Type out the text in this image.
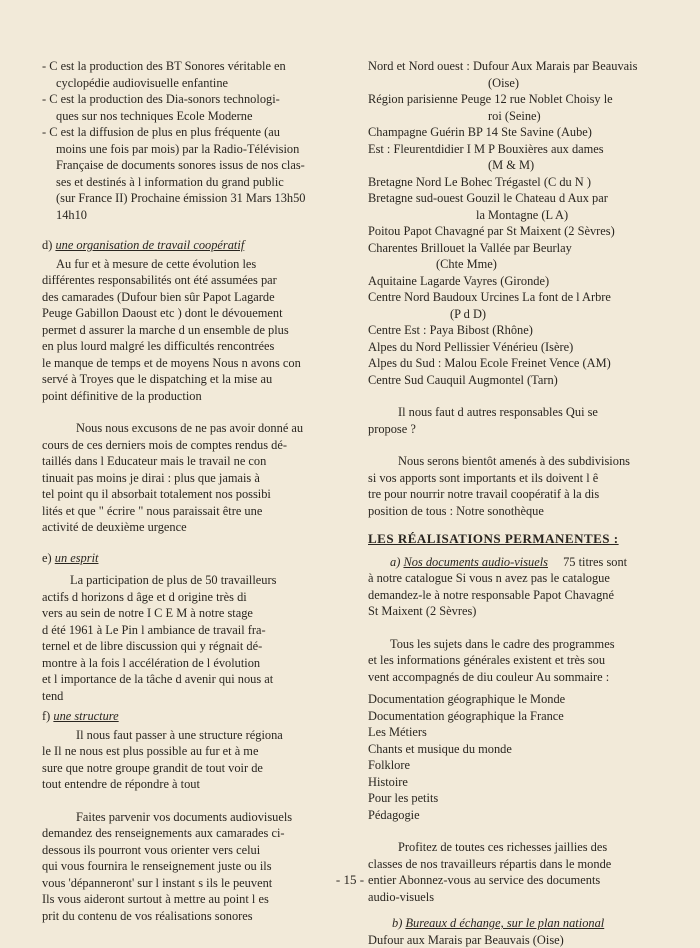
- C est la production des BT Sonores véritable en
cyclopédie audiovisuelle enfantine
- C est la production des Dia-sonors technologi-
ques sur nos techniques Ecole Moderne
- C est la diffusion de plus en plus fréquente (au
moins une fois par mois) par la Radio-Télévision
Française de documents sonores issus de nos clas-
ses et destinés à l information du grand public
(sur France II) Prochaine émission 31 Mars 13h50
14h10
d) une organisation de travail coopératif
Au fur et à mesure de cette évolution les
différentes responsabilités ont été assumées par
des camarades (Dufour bien sûr Papot Lagarde
Peuge Gabillon Daoust etc ) dont le dévouement
permet d assurer la marche d un ensemble de plus
en plus lourd malgré les difficultés rencontrées
le manque de temps et de moyens Nous n avons con
servé à Troyes que le dispatching et la mise au
point définitive de la production
Nous nous excusons de ne pas avoir donné au
cours de ces derniers mois de comptes rendus dé-
taillés dans l Educateur mais le travail ne con
tinuait pas moins je dirai : plus que jamais à
tel point qu il absorbait totalement nos possibi
lités et que " écrire " nous paraissait être une
activité de deuxième urgence
e) un esprit
La participation de plus de 50 travailleurs
actifs d horizons d âge et d origine très di
vers au sein de notre I C E M à notre stage
d été 1961 à Le Pin l ambiance de travail fra-
ternel et de libre discussion qui y régnait dé-
montre à la fois l accélération de l évolution
et l importance de la tâche d avenir qui nous at
tend
f) une structure
Il nous faut passer à une structure régiona
le Il ne nous est plus possible au fur et à me
sure que notre groupe grandit de tout voir de
tout entendre de répondre à tout
Faites parvenir vos documents audiovisuels
demandez des renseignements aux camarades ci-
dessous ils pourront vous orienter vers celui
qui vous fournira le renseignement juste ou ils
vous 'dépanneront' sur l instant s ils le peuvent
Ils vous aideront surtout à mettre au point l es
prit du contenu de vos réalisations sonores
Nord et Nord ouest : Dufour Aux Marais par Beauvais
(Oise)
Région parisienne Peuge 12 rue Noblet Choisy le
roi (Seine)
Champagne Guérin BP 14 Ste Savine (Aube)
Est : Fleurentdidier I M P Bouxières aux dames
(M & M)
Bretagne Nord Le Bohec Trégastel (C du N )
Bretagne sud-ouest Gouzil le Chateau d Aux par
la Montagne (L A)
Poitou Papot Chavagné par St Maixent (2 Sèvres)
Charentes Brillouet la Vallée par Beurlay
(Chte Mme)
Aquitaine Lagarde Vayres (Gironde)
Centre Nord Baudoux Urcines La font de l Arbre
(P d D)
Centre Est : Paya Bibost (Rhône)
Alpes du Nord Pellissier Vénérieu (Isère)
Alpes du Sud : Malou Ecole Freinet Vence (AM)
Centre Sud Cauquil Augmontel (Tarn)
Il nous faut d autres responsables Qui se
propose ?
Nous serons bientôt amenés à des subdivisions
si vos apports sont importants et ils doivent l ê
tre pour nourrir notre travail coopératif à la dis
position de tous : Notre sonothèque
LES RÉALISATIONS PERMANENTES :
a) Nos documents audio-visuels 75 titres sont
à notre catalogue Si vous n avez pas le catalogue
demandez-le à notre responsable Papot Chavagné
St Maixent (2 Sèvres)
Tous les sujets dans le cadre des programmes
et les informations générales existent et très sou
vent accompagnés de diu couleur Au sommaire :
Documentation géographique le Monde
Documentation géographique la France
Les Métiers
Chants et musique du monde
Folklore
Histoire
Pour les petits
Pédagogie
Profitez de toutes ces richesses jaillies des
classes de nos travailleurs répartis dans le monde
entier Abonnez-vous au service des documents
audio-visuels
b) Bureaux d échange, sur le plan national
Dufour aux Marais par Beauvais (Oise)
- 15 -
